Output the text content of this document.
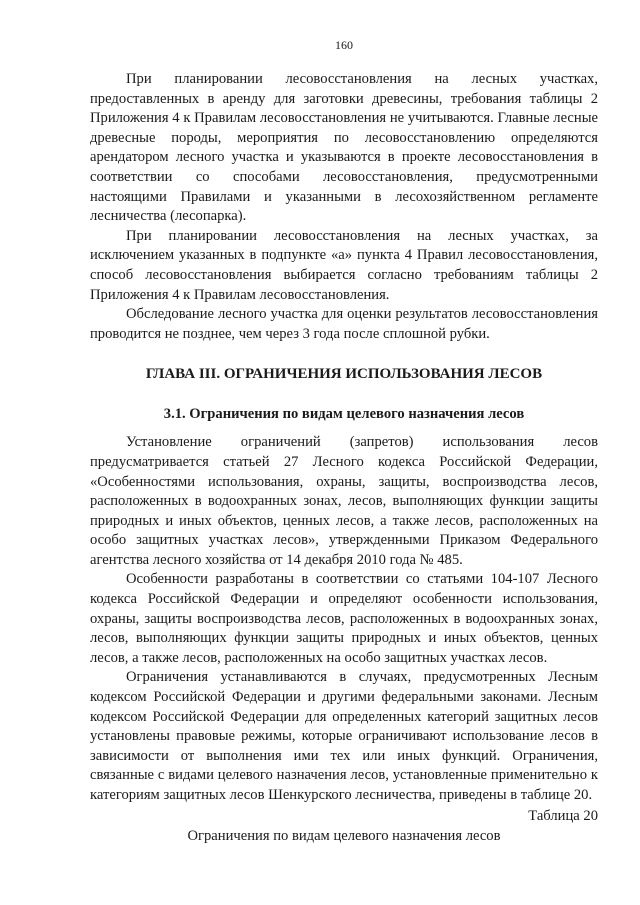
160

При планировании лесовосстановления на лесных участках, предоставленных в аренду для заготовки древесины, требования таблицы 2 Приложения 4 к Правилам лесовосстановления не учитываются. Главные лесные древесные породы, мероприятия по лесовосстановлению определяются арендатором лесного участка и указываются в проекте лесовосстановления в соответствии со способами лесовосстановления, предусмотренными настоящими Правилами и указанными в лесохозяйственном регламенте лесничества (лесопарка).

При планировании лесовосстановления на лесных участках, за исключением указанных в подпункте «а» пункта 4 Правил лесовосстановления, способ лесовосстановления выбирается согласно требованиям таблицы 2 Приложения 4 к Правилам лесовосстановления.

Обследование лесного участка для оценки результатов лесовосстановления проводится не позднее, чем через 3 года после сплошной рубки.

ГЛАВА III. ОГРАНИЧЕНИЯ ИСПОЛЬЗОВАНИЯ ЛЕСОВ
3.1. Ограничения по видам целевого назначения лесов

Установление ограничений (запретов) использования лесов предусматривается статьей 27 Лесного кодекса Российской Федерации, «Особенностями использования, охраны, защиты, воспроизводства лесов, расположенных в водоохранных зонах, лесов, выполняющих функции защиты природных и иных объектов, ценных лесов, а также лесов, расположенных на особо защитных участках лесов», утвержденными Приказом Федерального агентства лесного хозяйства от 14 декабря 2010 года № 485.

Особенности разработаны в соответствии со статьями 104-107 Лесного кодекса Российской Федерации и определяют особенности использования, охраны, защиты воспроизводства лесов, расположенных в водоохранных зонах, лесов, выполняющих функции защиты природных и иных объектов, ценных лесов, а также лесов, расположенных на особо защитных участках лесов.

Ограничения устанавливаются в случаях, предусмотренных Лесным кодексом Российской Федерации и другими федеральными законами. Лесным кодексом Российской Федерации для определенных категорий защитных лесов установлены правовые режимы, которые ограничивают использование лесов в зависимости от выполнения ими тех или иных функций. Ограничения, связанные с видами целевого назначения лесов, установленные применительно к категориям защитных лесов Шенкурского лесничества, приведены в таблице 20.

Таблица 20

Ограничения по видам целевого назначения лесов
